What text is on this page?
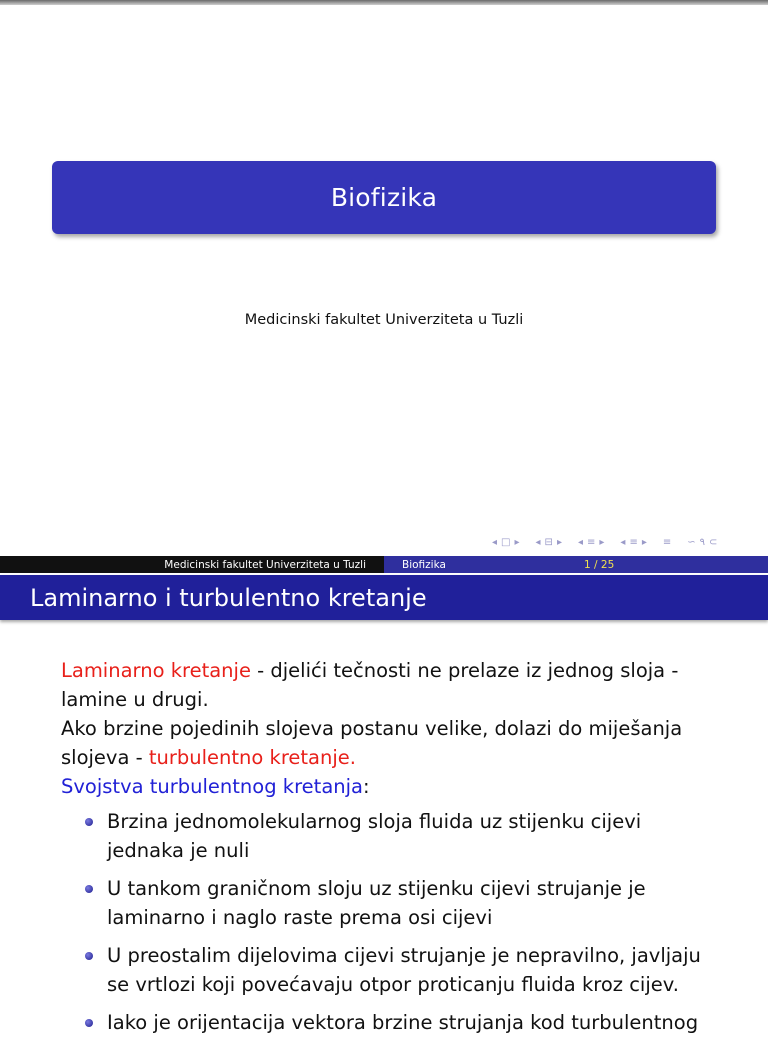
Biofizika
Medicinski fakultet Univerziteta u Tuzli
◂ □ ▸ ◂ ⊟ ▸ ◂ ≡ ▸ ◂ ≡ ▸ ≡ ∽ ۹ ⊂
Medicinski fakultet Univerziteta u Tuzli	Biofizika	1 / 25
Laminarno i turbulentno kretanje

Laminarno kretanje - djelići tečnosti ne prelaze iz jednog sloja - lamine u drugi.

Ako brzine pojedinih slojeva postanu velike, dolazi do miješanja slojeva - turbulentno kretanje.

Svojstva turbulentnog kretanja:

Brzina jednomolekularnog sloja fluida uz stijenku cijevi jednaka je nuli
U tankom graničnom sloju uz stijenku cijevi strujanje je laminarno i naglo raste prema osi cijevi
U preostalim dijelovima cijevi strujanje je nepravilno, javljaju se vrtlozi koji povećavaju otpor proticanju fluida kroz cijev.
Iako je orijentacija vektora brzine strujanja kod turbulentnog
